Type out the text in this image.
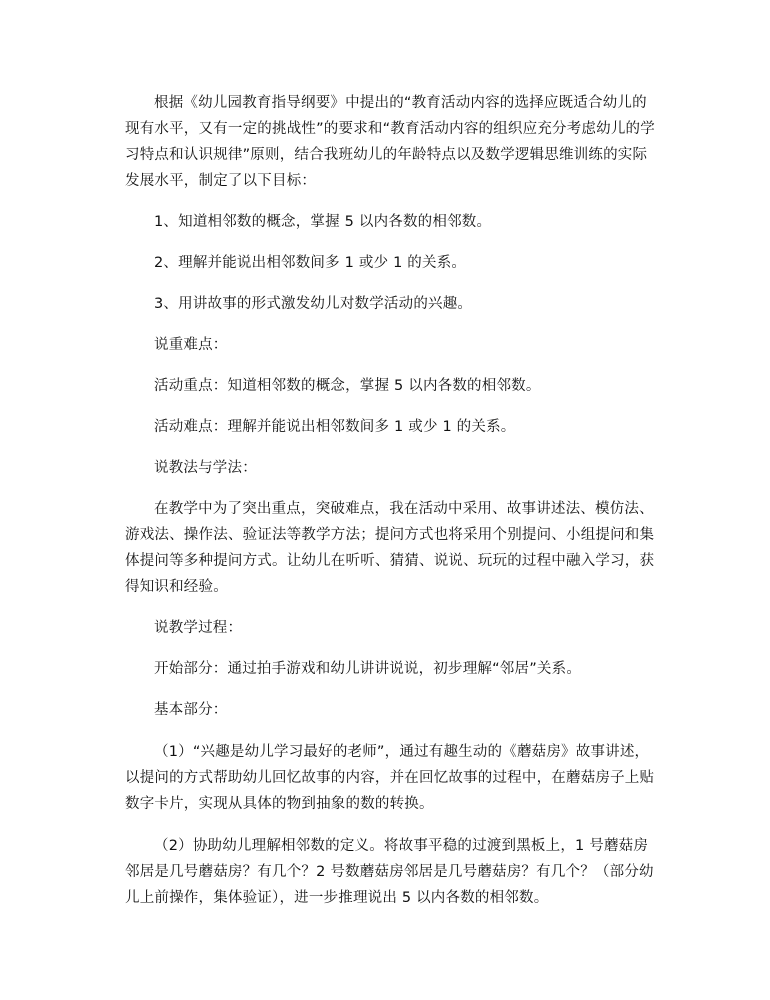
根据《幼儿园教育指导纲要》中提出的“教育活动内容的选择应既适合幼儿的现有水平，又有一定的挑战性”的要求和“教育活动内容的组织应充分考虑幼儿的学习特点和认识规律”原则，结合我班幼儿的年龄特点以及数学逻辑思维训练的实际发展水平，制定了以下目标：

1、知道相邻数的概念，掌握 5 以内各数的相邻数。

2、理解并能说出相邻数间多 1 或少 1 的关系。

3、用讲故事的形式激发幼儿对数学活动的兴趣。

说重难点：

活动重点：知道相邻数的概念，掌握 5 以内各数的相邻数。

活动难点：理解并能说出相邻数间多 1 或少 1 的关系。

说教法与学法：

在教学中为了突出重点，突破难点，我在活动中采用、故事讲述法、模仿法、游戏法、操作法、验证法等教学方法；提问方式也将采用个别提问、小组提问和集体提问等多种提问方式。让幼儿在听听、猜猜、说说、玩玩的过程中融入学习，获得知识和经验。

说教学过程：

开始部分：通过拍手游戏和幼儿讲讲说说，初步理解“邻居”关系。

基本部分：

（1）“兴趣是幼儿学习最好的老师”，通过有趣生动的《蘑菇房》故事讲述，以提问的方式帮助幼儿回忆故事的内容，并在回忆故事的过程中，在蘑菇房子上贴数字卡片，实现从具体的物到抽象的数的转换。

（2）协助幼儿理解相邻数的定义。将故事平稳的过渡到黑板上，1 号蘑菇房邻居是几号蘑菇房？有几个？2 号数蘑菇房邻居是几号蘑菇房？有几个？（部分幼儿上前操作，集体验证），进一步推理说出 5 以内各数的相邻数。
